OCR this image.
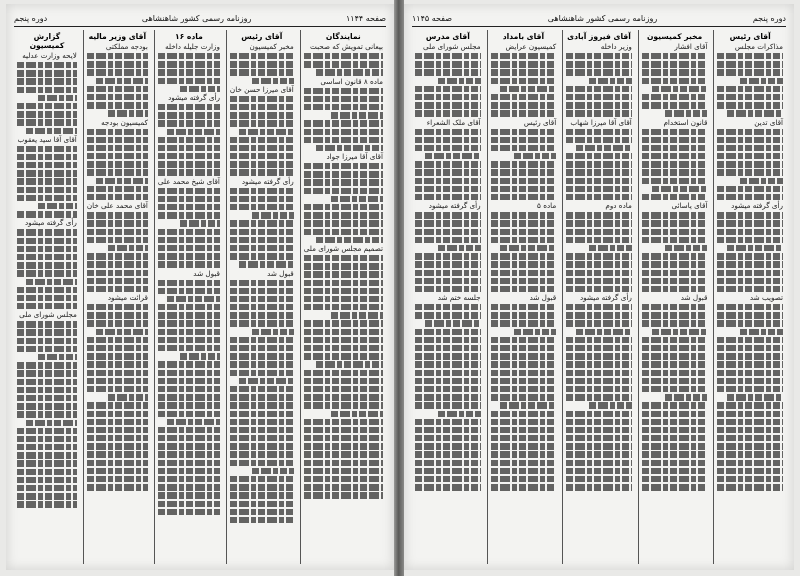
صفحه ۱۱۴۴
روزنامه رسمی کشور شاهنشاهی
دوره پنجم
نمایندگان
بیعانی تمویش که صحبت
ماده ۸ قانون اساسی
آقای آقا میرزا جواد
تصمیم مجلس شورای ملی
آقای رئیس
مخبر کمیسیون
آقای میرزا حسن خان
رأی گرفته میشود
قبول شد
ماده ۱۶
وزارت جلیله داخله
رأی گرفته میشود
آقای شیخ محمد علی
قبول شد
آقای وزیر مالیه
بودجه مملکتی
کمیسیون بودجه
آقای محمد علی خان
قرائت میشود
گزارش کمیسیون
لایحه وزارت عدلیه
آقای آقا سید یعقوب
رأی گرفته میشود
مجلس شورای ملی
دوره پنجم
روزنامه رسمی کشور شاهنشاهی
صفحه ۱۱۴۵
آقای رئیس
مذاکرات مجلس
آقای تدین
رأی گرفته میشود
تصویب شد
مخبر کمیسیون
آقای افشار
قانون استخدام
آقای یاسائی
قبول شد
آقای فیروز آبادی
وزیر داخله
آقای آقا میرزا شهاب
ماده دوم
رأی گرفته میشود
آقای بامداد
کمیسیون عرایض
آقای رئیس
ماده ۵
قبول شد
آقای مدرس
مجلس شورای ملی
آقای ملک الشعراء
رأی گرفته میشود
جلسه ختم شد
